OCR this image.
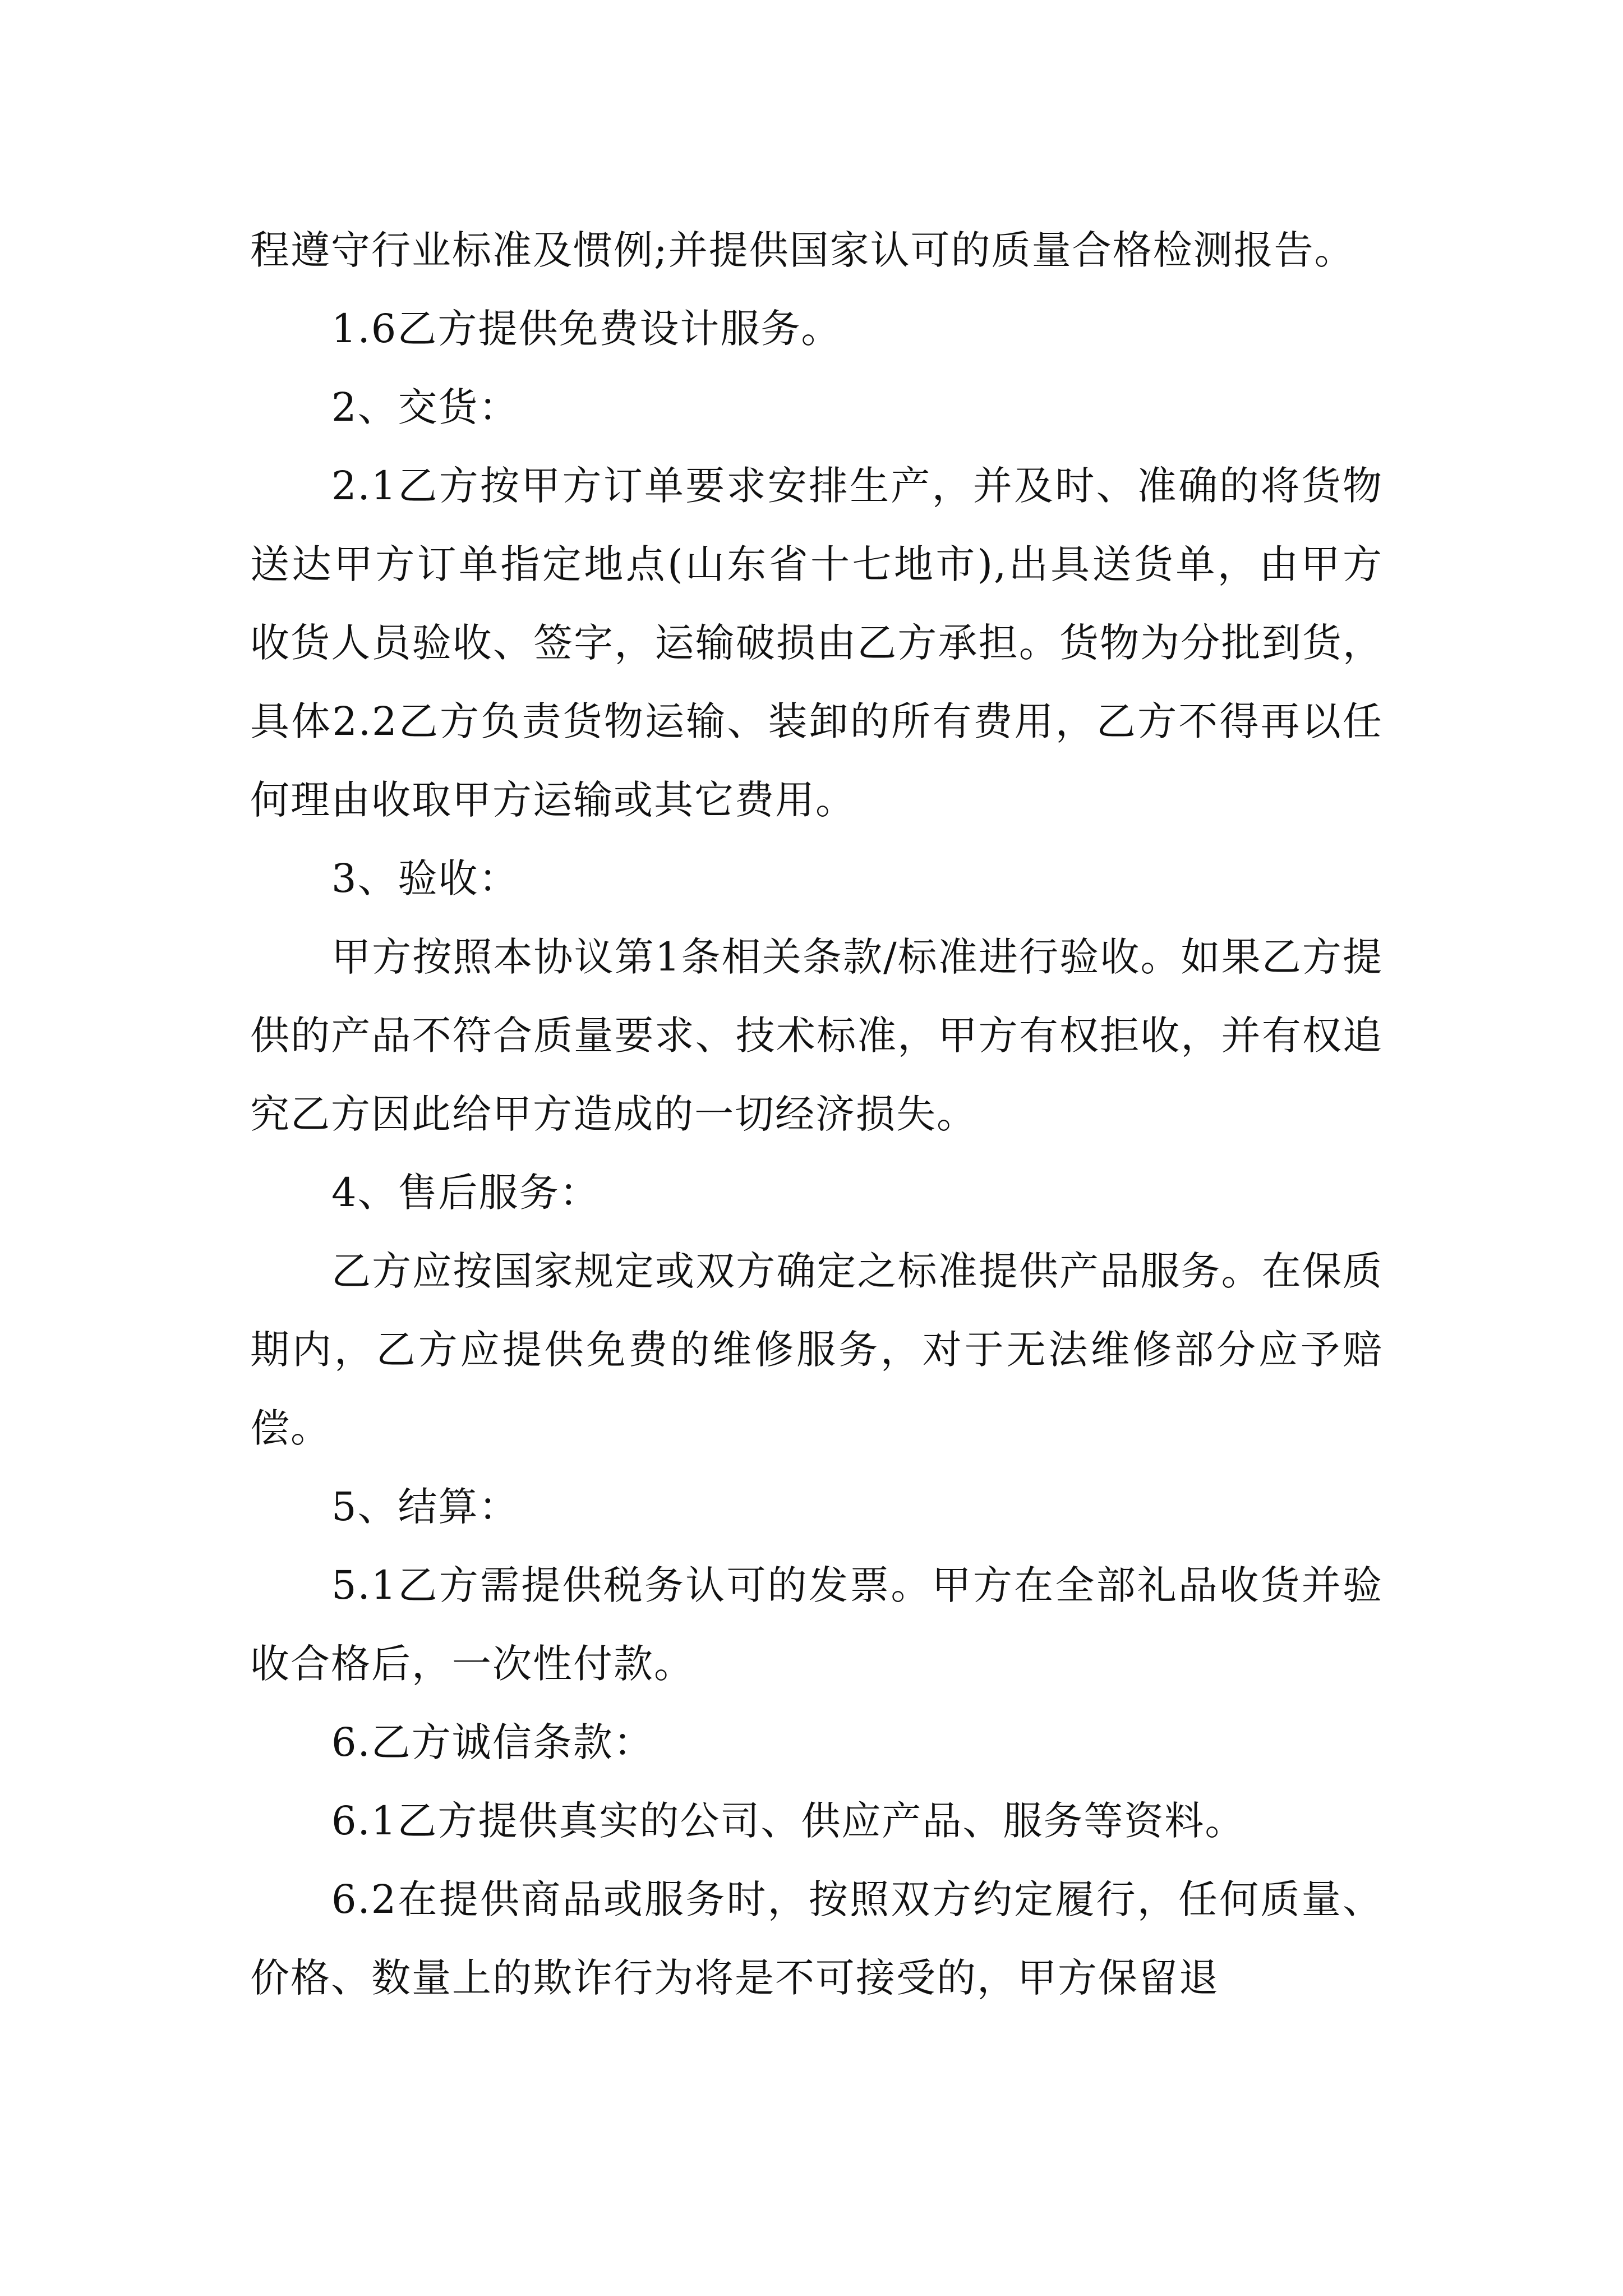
程遵守行业标准及惯例;并提供国家认可的质量合格检测报告。

1.6乙方提供免费设计服务。

2、交货：

2.1乙方按甲方订单要求安排生产，并及时、准确的将货物送达甲方订单指定地点(山东省十七地市),出具送货单，由甲方收货人员验收、签字，运输破损由乙方承担。货物为分批到货，具体2.2乙方负责货物运输、装卸的所有费用，乙方不得再以任何理由收取甲方运输或其它费用。

3、验收：

甲方按照本协议第1条相关条款/标准进行验收。如果乙方提供的产品不符合质量要求、技术标准，甲方有权拒收，并有权追究乙方因此给甲方造成的一切经济损失。

4、售后服务：

乙方应按国家规定或双方确定之标准提供产品服务。在保质期内，乙方应提供免费的维修服务，对于无法维修部分应予赔偿。

5、结算：

5.1乙方需提供税务认可的发票。甲方在全部礼品收货并验收合格后，一次性付款。

6.乙方诚信条款：

6.1乙方提供真实的公司、供应产品、服务等资料。

6.2在提供商品或服务时，按照双方约定履行，任何质量、价格、数量上的欺诈行为将是不可接受的，甲方保留退
